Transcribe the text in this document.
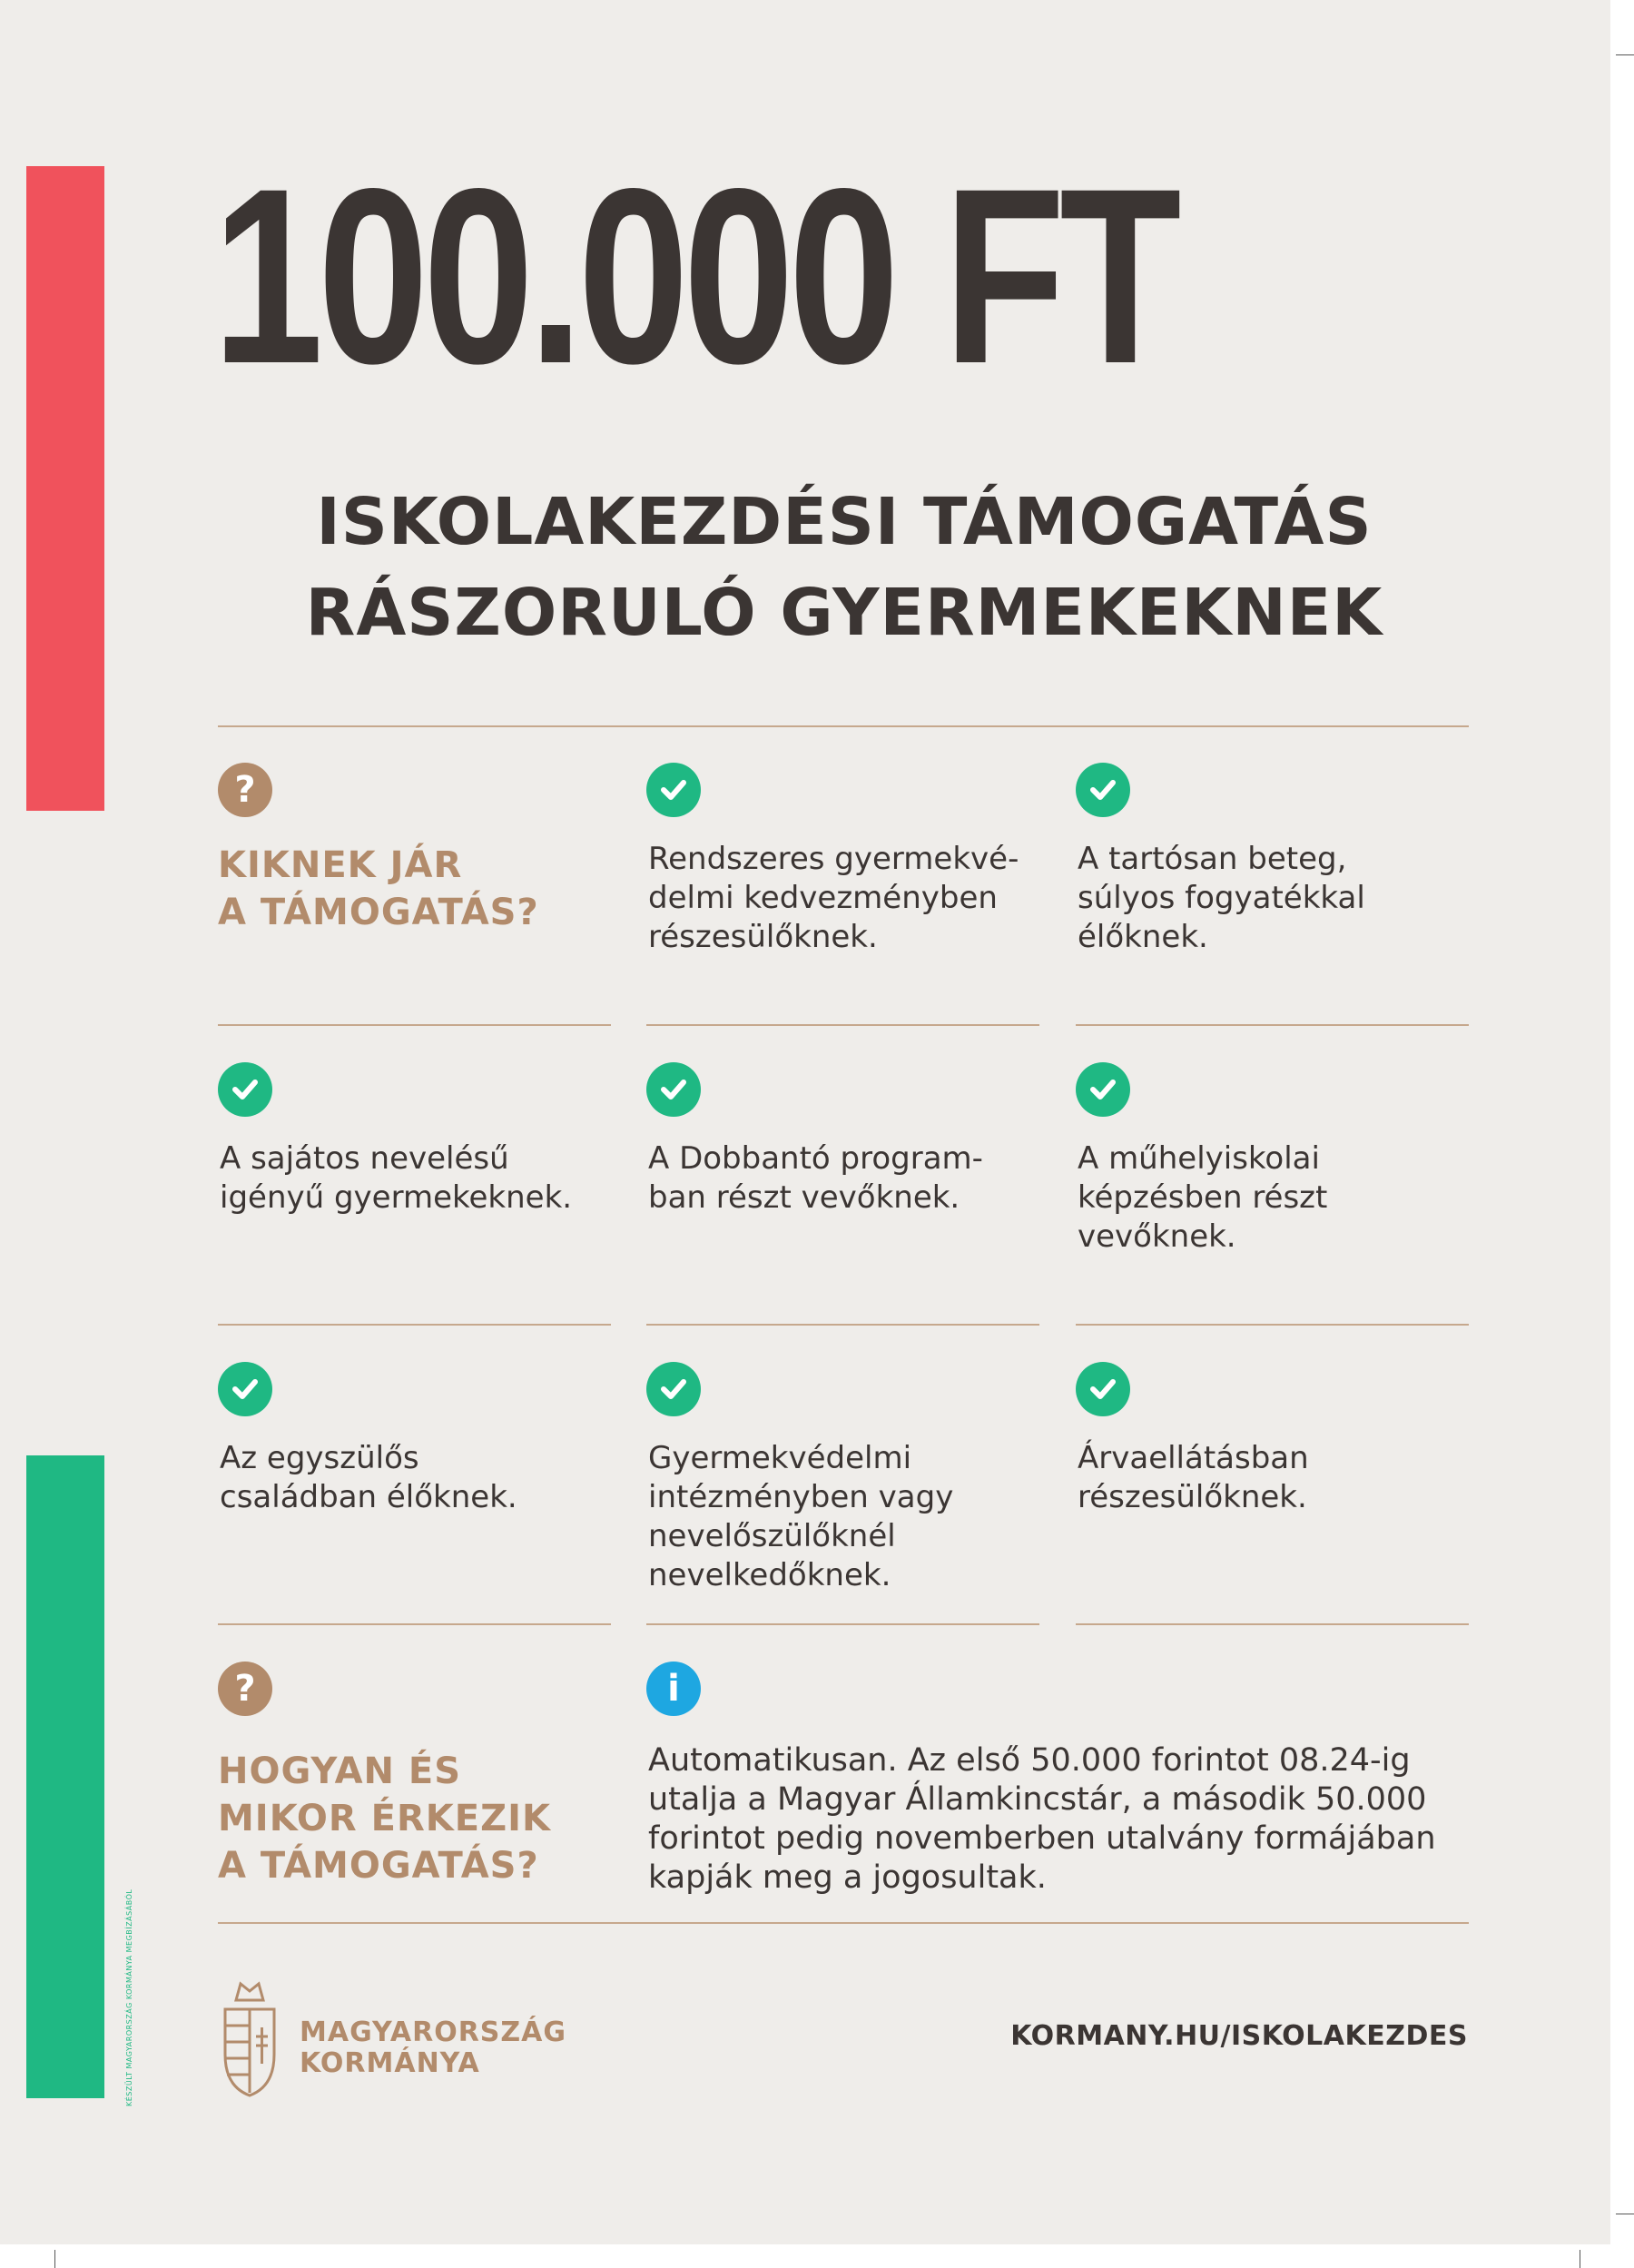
100.000 FT
ISKOLAKEZDÉSI TÁMOGATÁS
RÁSZORULÓ GYERMEKEKNEK
?
KIKNEK JÁR
A TÁMOGATÁS?
Rendszeres gyermekvé-
delmi kedvezményben
részesülőknek.
A tartósan beteg,
súlyos fogyatékkal
élőknek.
A sajátos nevelésű
igényű gyermekeknek.
A Dobbantó program-
ban részt vevőknek.
A műhelyiskolai
képzésben részt
vevőknek.
Az egyszülős
családban élőknek.
Gyermekvédelmi
intézményben vagy
nevelőszülőknél
nevelkedőknek.
Árvaellátásban
részesülőknek.
?
HOGYAN ÉS
MIKOR ÉRKEZIK
A TÁMOGATÁS?
i
Automatikusan. Az első 50.000 forintot 08.24-ig
utalja a Magyar Államkincstár, a második 50.000
forintot pedig novemberben utalvány formájában
kapják meg a jogosultak.
MAGYARORSZÁG
KORMÁNYA
KORMANY.HU/ISKOLAKEZDES
KÉSZÜLT MAGYARORSZÁG KORMÁNYA MEGBÍZÁSÁBÓL
